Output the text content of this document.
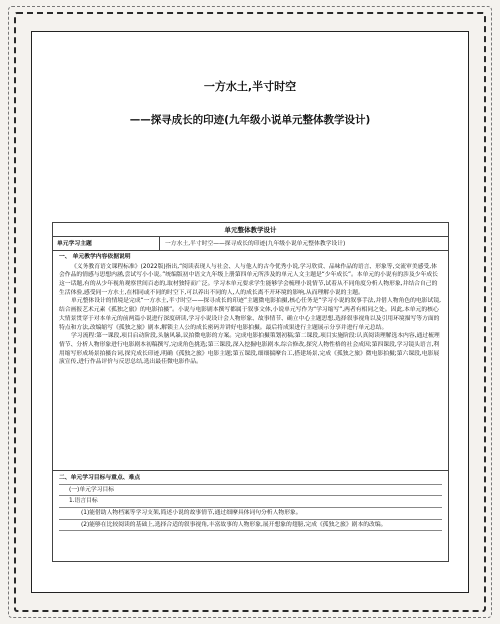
一方水土,半寸时空
——探寻成长的印迹(九年级小说单元整体教学设计)
单元整体教学设计
单元学习主题	一方水土,半寸时空——探寻成长的印迹(九年级小说单元整体教学设计)
一、 单元教学内容依据说明

《义务教育语文课程标准》(2022版)指出,“阅读表现人与社会、人与他人的古今优秀小说,学习欣赏、品味作品的语言、形象等,交流审美感受,体会作品的情感与思想内涵,尝试写小小说。”统编版初中语文九年级上册第四单元所涉及的单元人文主题是“少年成长”。本单元的小说有的涉及少年成长这一话题,有的从少年视角观察世间百态的,取材独特而广泛。学习本单元要求学生能够学会梳理小说情节,试着从不同角度分析人物形象,并结合自己的生活体验,感受同一方水土,在相同或不同的时空下,可以养出不同的人,人的成长离不开环境的影响,从而理解小说的主题。

单元整体设计的情境是完成“一方水土,半寸时空——探寻成长的印迹”主题微电影拍摄,核心任务是“学习小说的叙事手法,并借人物角色的电影试镜,结合画报艺术元素《孤独之旅》的电影拍摄”。小说与电影剧本撰写都属于叙事文体,小说单元写作为“学习缩写”,两者有相同之处。因此,本单元的核心大情景贯穿于对本单元的前两篇小说进行深度研读,学习小说设计会人物形象、故事情节、确立中心主题思想,选择叙事视角以及引用环境描写等方面的特点和方法,改编缩写《孤独之旅》剧本,解锁主人公的成长密码并讲好电影拍摄。最后将成果进行主题展示分享并进行单元总结。

学习流程:第一课段,项目启动阶段,头脑风暴,议拍微电影的方案。完成电影拍摄策划初稿;第二课段,项目实施阶段:认真阅读理解选本内容,通过梳理情节、分析人物形象进行电影剧本初稿撰写,完成角色挑选;第三课段,深入挖掘电影剧本,综合修改,探究人物性格的社会成因;第四课段,学习镜头语言,利用缩写形成场景拍摄台词,探究成长印迹,明确《孤独之旅》电影主题;第五课段,细细揣摩台工,搭建场景,完成《孤独之旅》微电影拍摄;第六课段,电影展演宣传,进行作品评价与反思总结,选出最佳微电影作品。

二、单元学习目标与重点、难点
(一)单元学习目标
1.语言目标
(1)能借助人物档案等学习支架,简述小说的故事情节,通过细摩具体词句分析人物形象。
(2)能够在比较阅读的基础上,选择合适的叙事视角,丰富故事的人物形象,展开想象的翅膀,完成《孤独之旅》剧本的改编。
